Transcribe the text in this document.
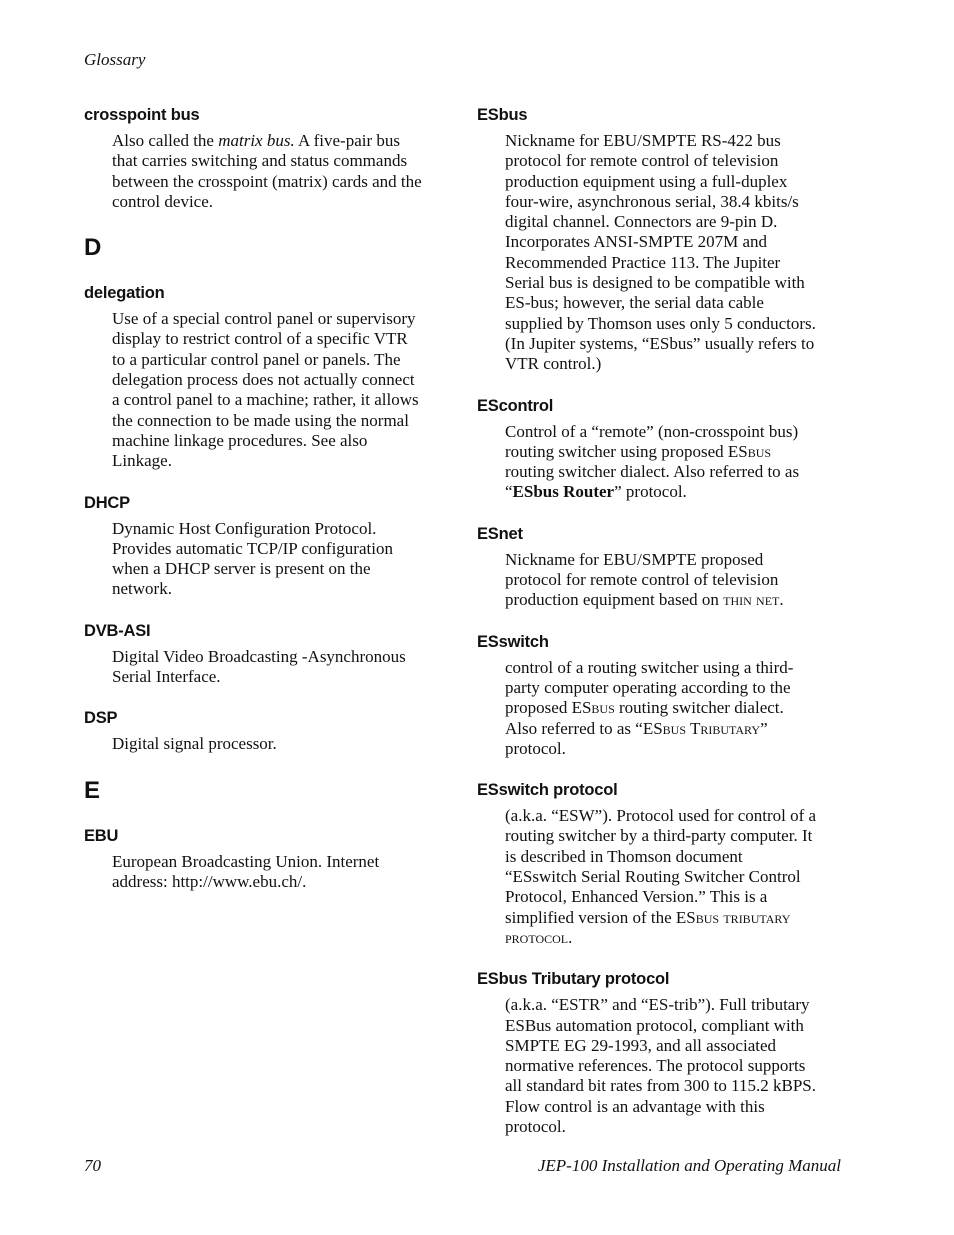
Glossary
crosspoint bus
Also called the matrix bus. A five-pair bus that carries switching and status commands between the crosspoint (matrix) cards and the control device.
D
delegation
Use of a special control panel or supervisory display to restrict control of a specific VTR to a particular control panel or panels. The delegation process does not actually connect a control panel to a machine; rather, it allows the connection to be made using the normal machine linkage procedures. See also Linkage.
DHCP
Dynamic Host Configuration Protocol. Provides automatic TCP/IP configuration when a DHCP server is present on the network.
DVB-ASI
Digital Video Broadcasting -Asynchronous Serial Interface.
DSP
Digital signal processor.
E
EBU
European Broadcasting Union. Internet address: http://www.ebu.ch/.
ESbus
Nickname for EBU/SMPTE RS-422 bus protocol for remote control of television production equipment using a full-duplex four-wire, asynchronous serial, 38.4 kbits/s digital channel. Connectors are 9-pin D. Incorporates ANSI-SMPTE 207M and Recommended Practice 113. The Jupiter Serial bus is designed to be compatible with ES-bus; however, the serial data cable supplied by Thomson uses only 5 conductors. (In Jupiter systems, “ESbus” usually refers to VTR control.)
EScontrol
Control of a “remote” (non-crosspoint bus) routing switcher using proposed ESbus routing switcher dialect. Also referred to as “ESbus Router” protocol.
ESnet
Nickname for EBU/SMPTE proposed protocol for remote control of television production equipment based on thin net.
ESswitch
control of a routing switcher using a third-party computer operating according to the proposed ESbus routing switcher dialect. Also referred to as “ESbus Tributary” protocol.
ESswitch protocol
(a.k.a. “ESW”). Protocol used for control of a routing switcher by a third-party computer. It is described in Thomson document “ESswitch Serial Routing Switcher Control Protocol, Enhanced Version.” This is a simplified version of the ESbus tributary protocol.
ESbus Tributary protocol
(a.k.a. “ESTR” and “ES-trib”). Full tributary ESBus automation protocol, compliant with SMPTE EG 29-1993, and all associated normative references. The protocol supports all standard bit rates from 300 to 115.2 kBPS. Flow control is an advantage with this protocol.
70	JEP-100 Installation and Operating Manual
